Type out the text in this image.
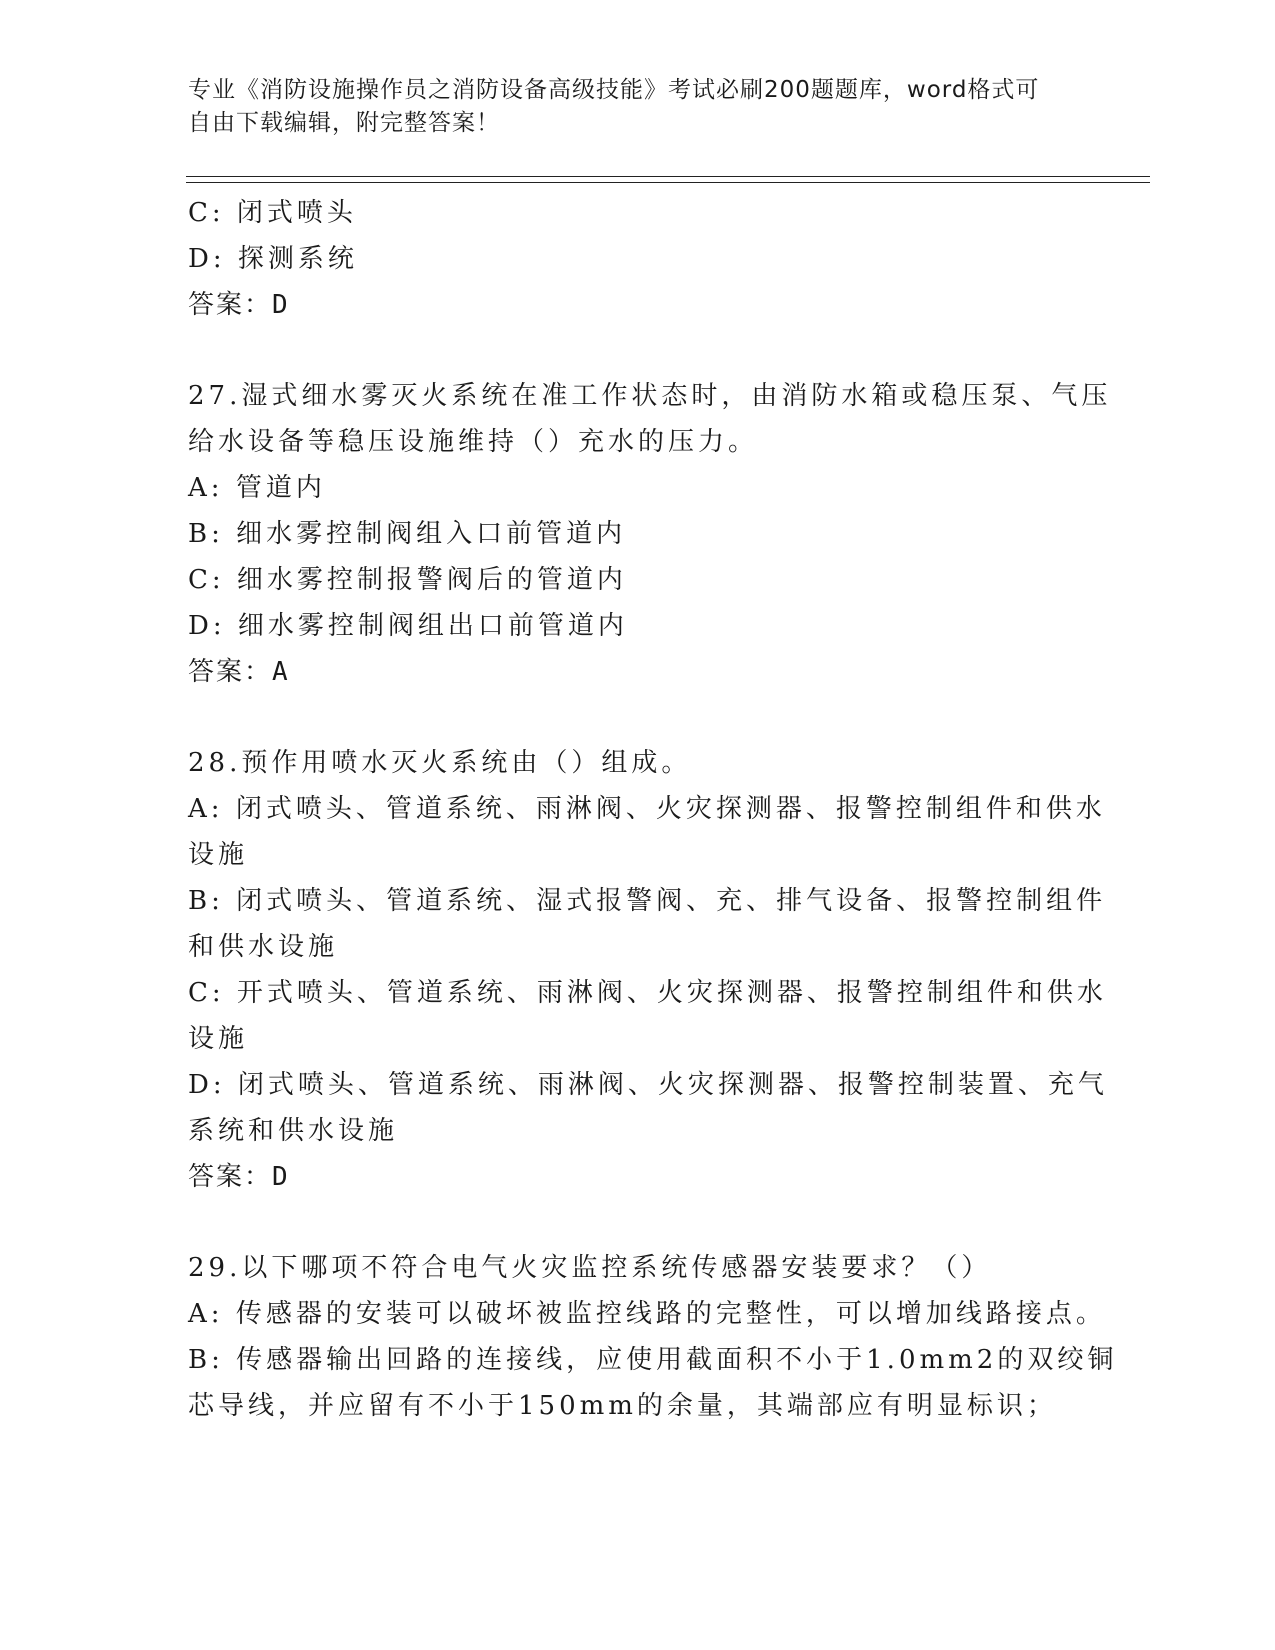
专业《消防设施操作员之消防设备高级技能》考试必刷200题题库，word格式可
自由下载编辑，附完整答案！
C: 闭式喷头
D: 探测系统
答案：D
27.湿式细水雾灭火系统在准工作状态时，由消防水箱或稳压泵、气压
给水设备等稳压设施维持（）充水的压力。
A: 管道内
B: 细水雾控制阀组入口前管道内
C: 细水雾控制报警阀后的管道内
D: 细水雾控制阀组出口前管道内
答案：A
28.预作用喷水灭火系统由（）组成。
A: 闭式喷头、管道系统、雨淋阀、火灾探测器、报警控制组件和供水
设施
B: 闭式喷头、管道系统、湿式报警阀、充、排气设备、报警控制组件
和供水设施
C: 开式喷头、管道系统、雨淋阀、火灾探测器、报警控制组件和供水
设施
D: 闭式喷头、管道系统、雨淋阀、火灾探测器、报警控制装置、充气
系统和供水设施
答案：D
29.以下哪项不符合电气火灾监控系统传感器安装要求？（）
A: 传感器的安装可以破坏被监控线路的完整性，可以增加线路接点。
B: 传感器输出回路的连接线，应使用截面积不小于1.0mm2的双绞铜
芯导线，并应留有不小于150mm的余量，其端部应有明显标识；
